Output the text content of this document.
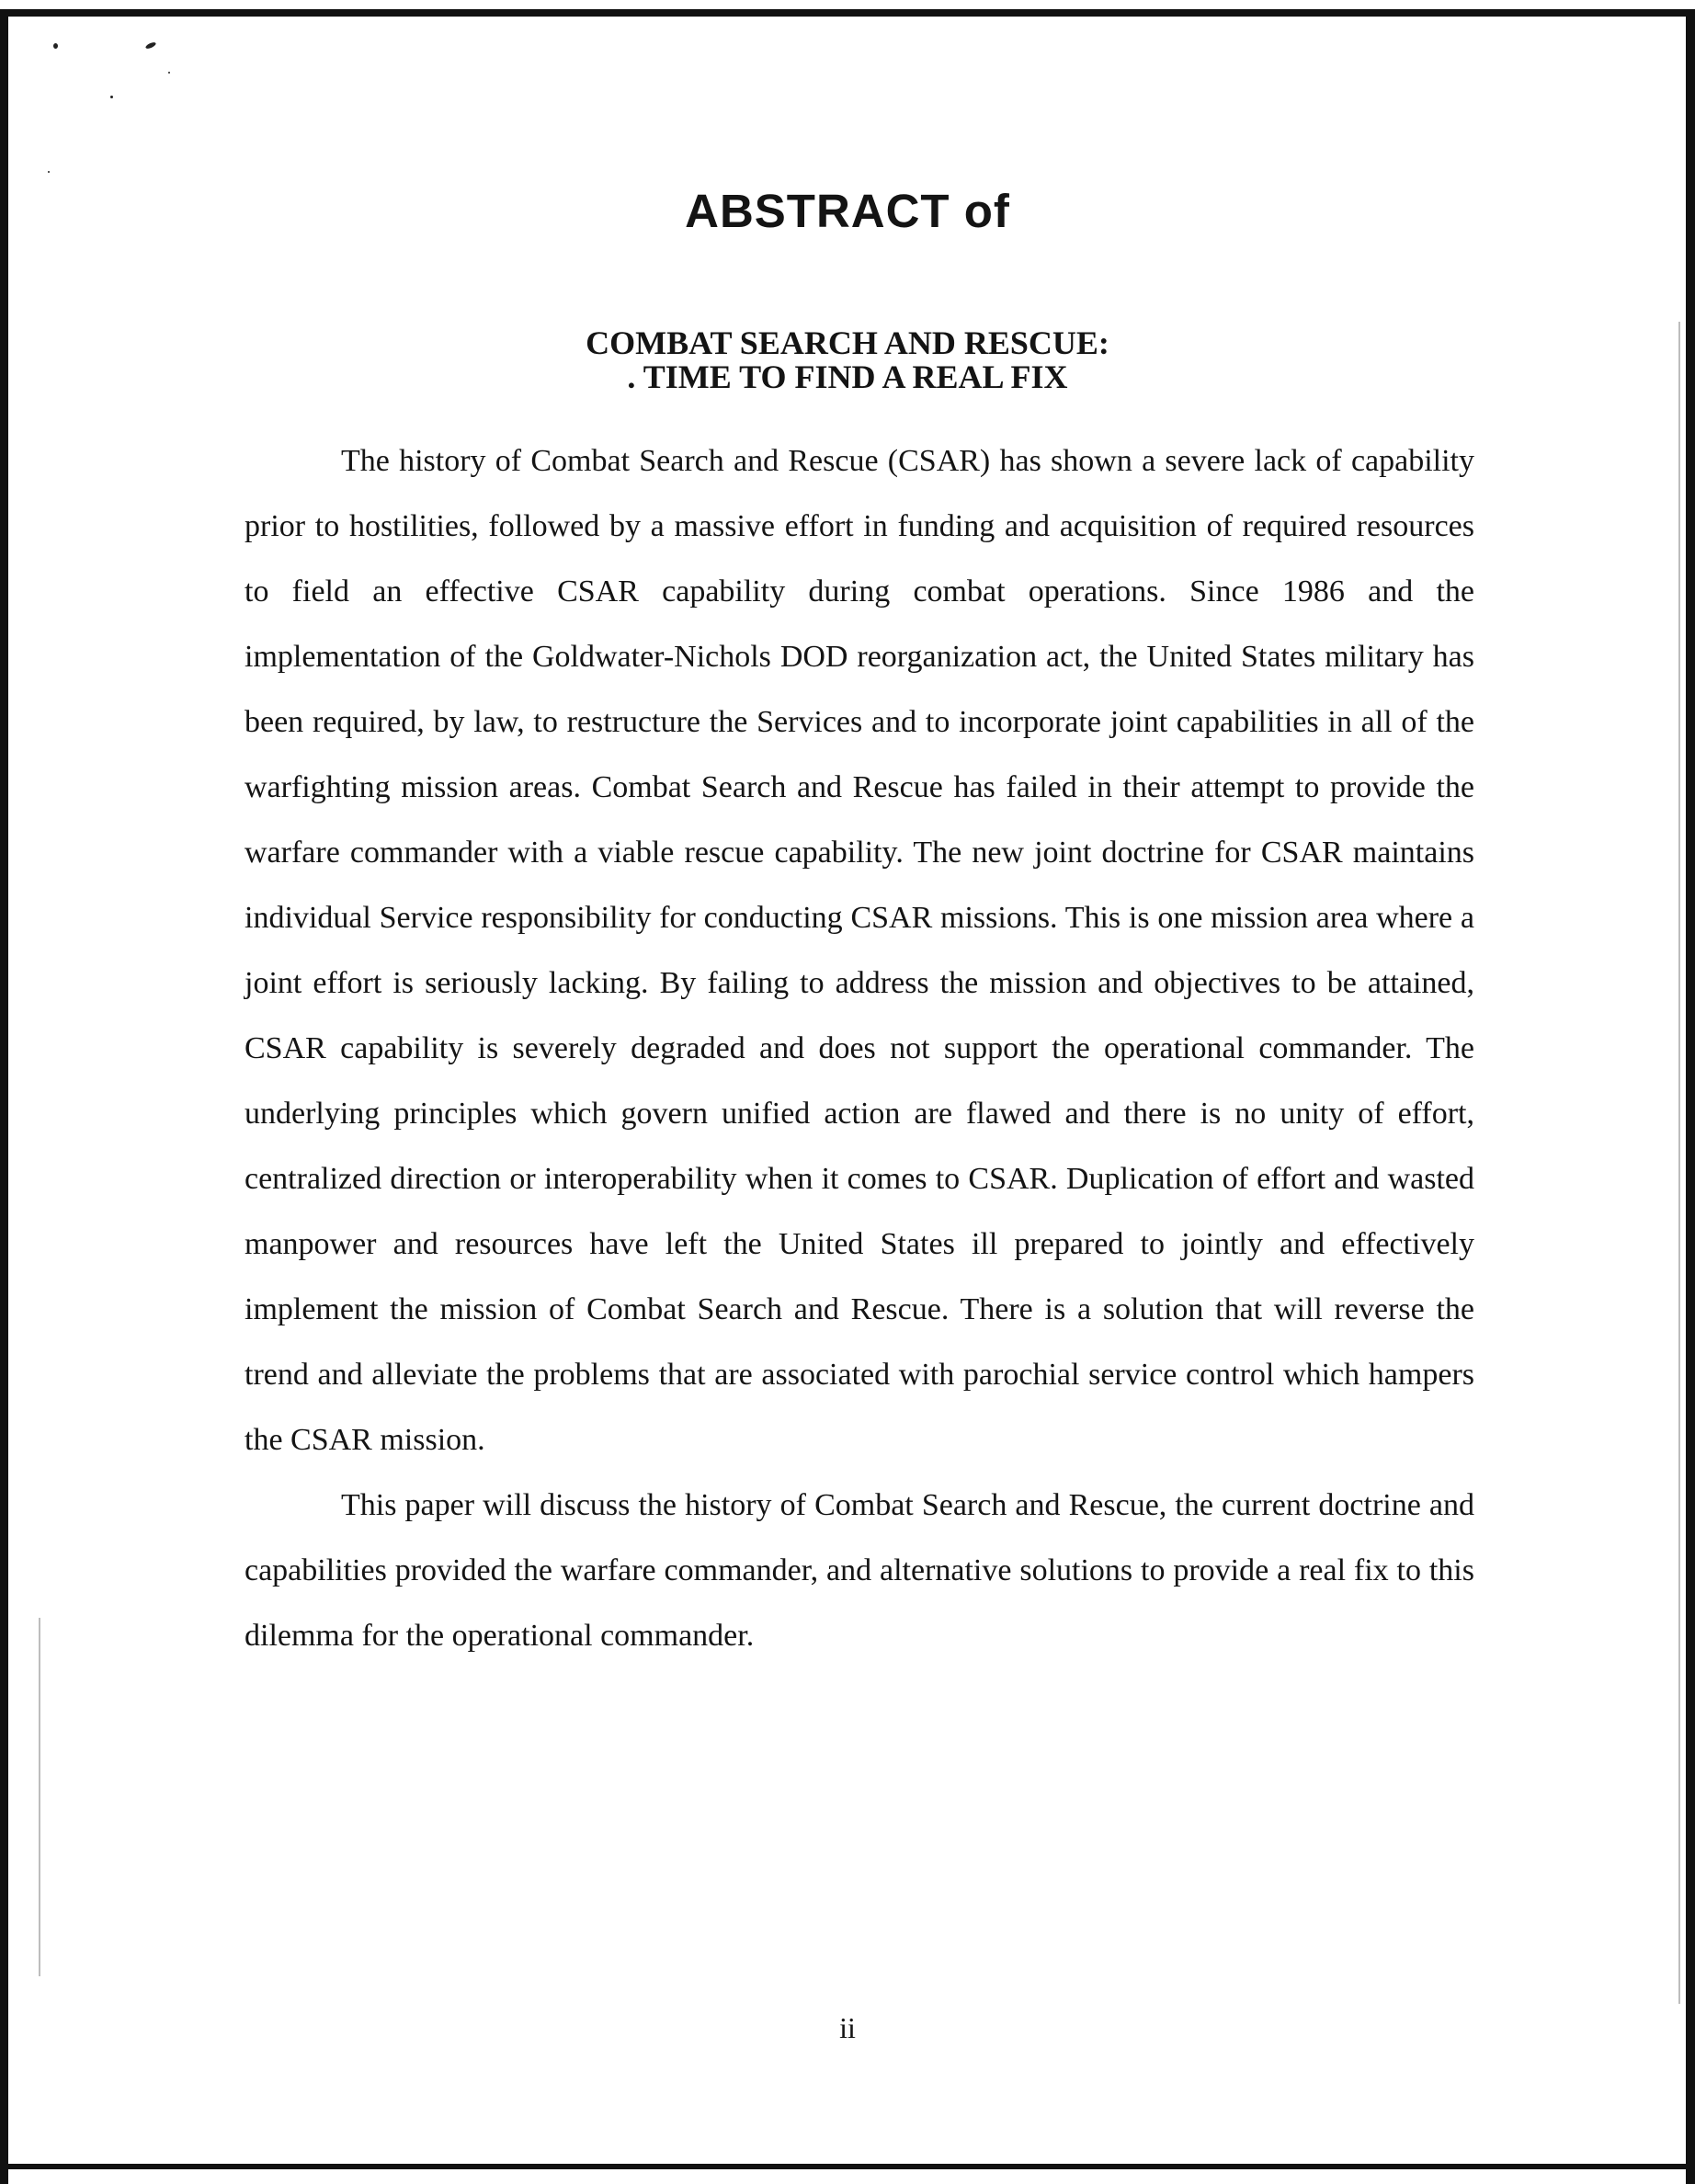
ABSTRACT of
COMBAT SEARCH AND RESCUE:
. TIME TO FIND A REAL FIX

The history of Combat Search and Rescue (CSAR) has shown a severe lack of capability prior to hostilities, followed by a massive effort in funding and acquisition of required resources to field an effective CSAR capability during combat operations. Since 1986 and the implementation of the Goldwater-Nichols DOD reorganization act, the United States military has been required, by law, to restructure the Services and to incorporate joint capabilities in all of the warfighting mission areas. Combat Search and Rescue has failed in their attempt to provide the warfare commander with a viable rescue capability. The new joint doctrine for CSAR maintains individual Service responsibility for conducting CSAR missions. This is one mission area where a joint effort is seriously lacking. By failing to address the mission and objectives to be attained, CSAR capability is severely degraded and does not support the operational commander. The underlying principles which govern unified action are flawed and there is no unity of effort, centralized direction or interoperability when it comes to CSAR. Duplication of effort and wasted manpower and resources have left the United States ill prepared to jointly and effectively implement the mission of Combat Search and Rescue. There is a solution that will reverse the trend and alleviate the problems that are associated with parochial service control which hampers the CSAR mission.

This paper will discuss the history of Combat Search and Rescue, the current doctrine and capabilities provided the warfare commander, and alternative solutions to provide a real fix to this dilemma for the operational commander.

ii
